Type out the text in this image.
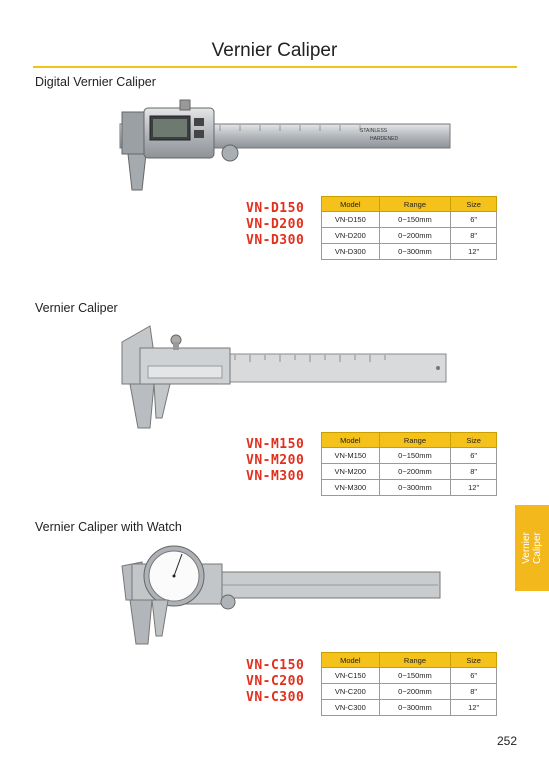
Vernier Caliper
Digital Vernier Caliper
STAINLESS
HARDENED
VN-D150
VN-D200
VN-D300
Model	Range	Size
VN-D150	0~150mm	6"
VN-D200	0~200mm	8"
VN-D300	0~300mm	12"
Vernier Caliper
VN-M150
VN-M200
VN-M300
Model	Range	Size
VN-M150	0~150mm	6"
VN-M200	0~200mm	8"
VN-M300	0~300mm	12"
Vernier Caliper with Watch
VN-C150
VN-C200
VN-C300
Model	Range	Size
VN-C150	0~150mm	6"
VN-C200	0~200mm	8"
VN-C300	0~300mm	12"
Vernier
Caliper
252
